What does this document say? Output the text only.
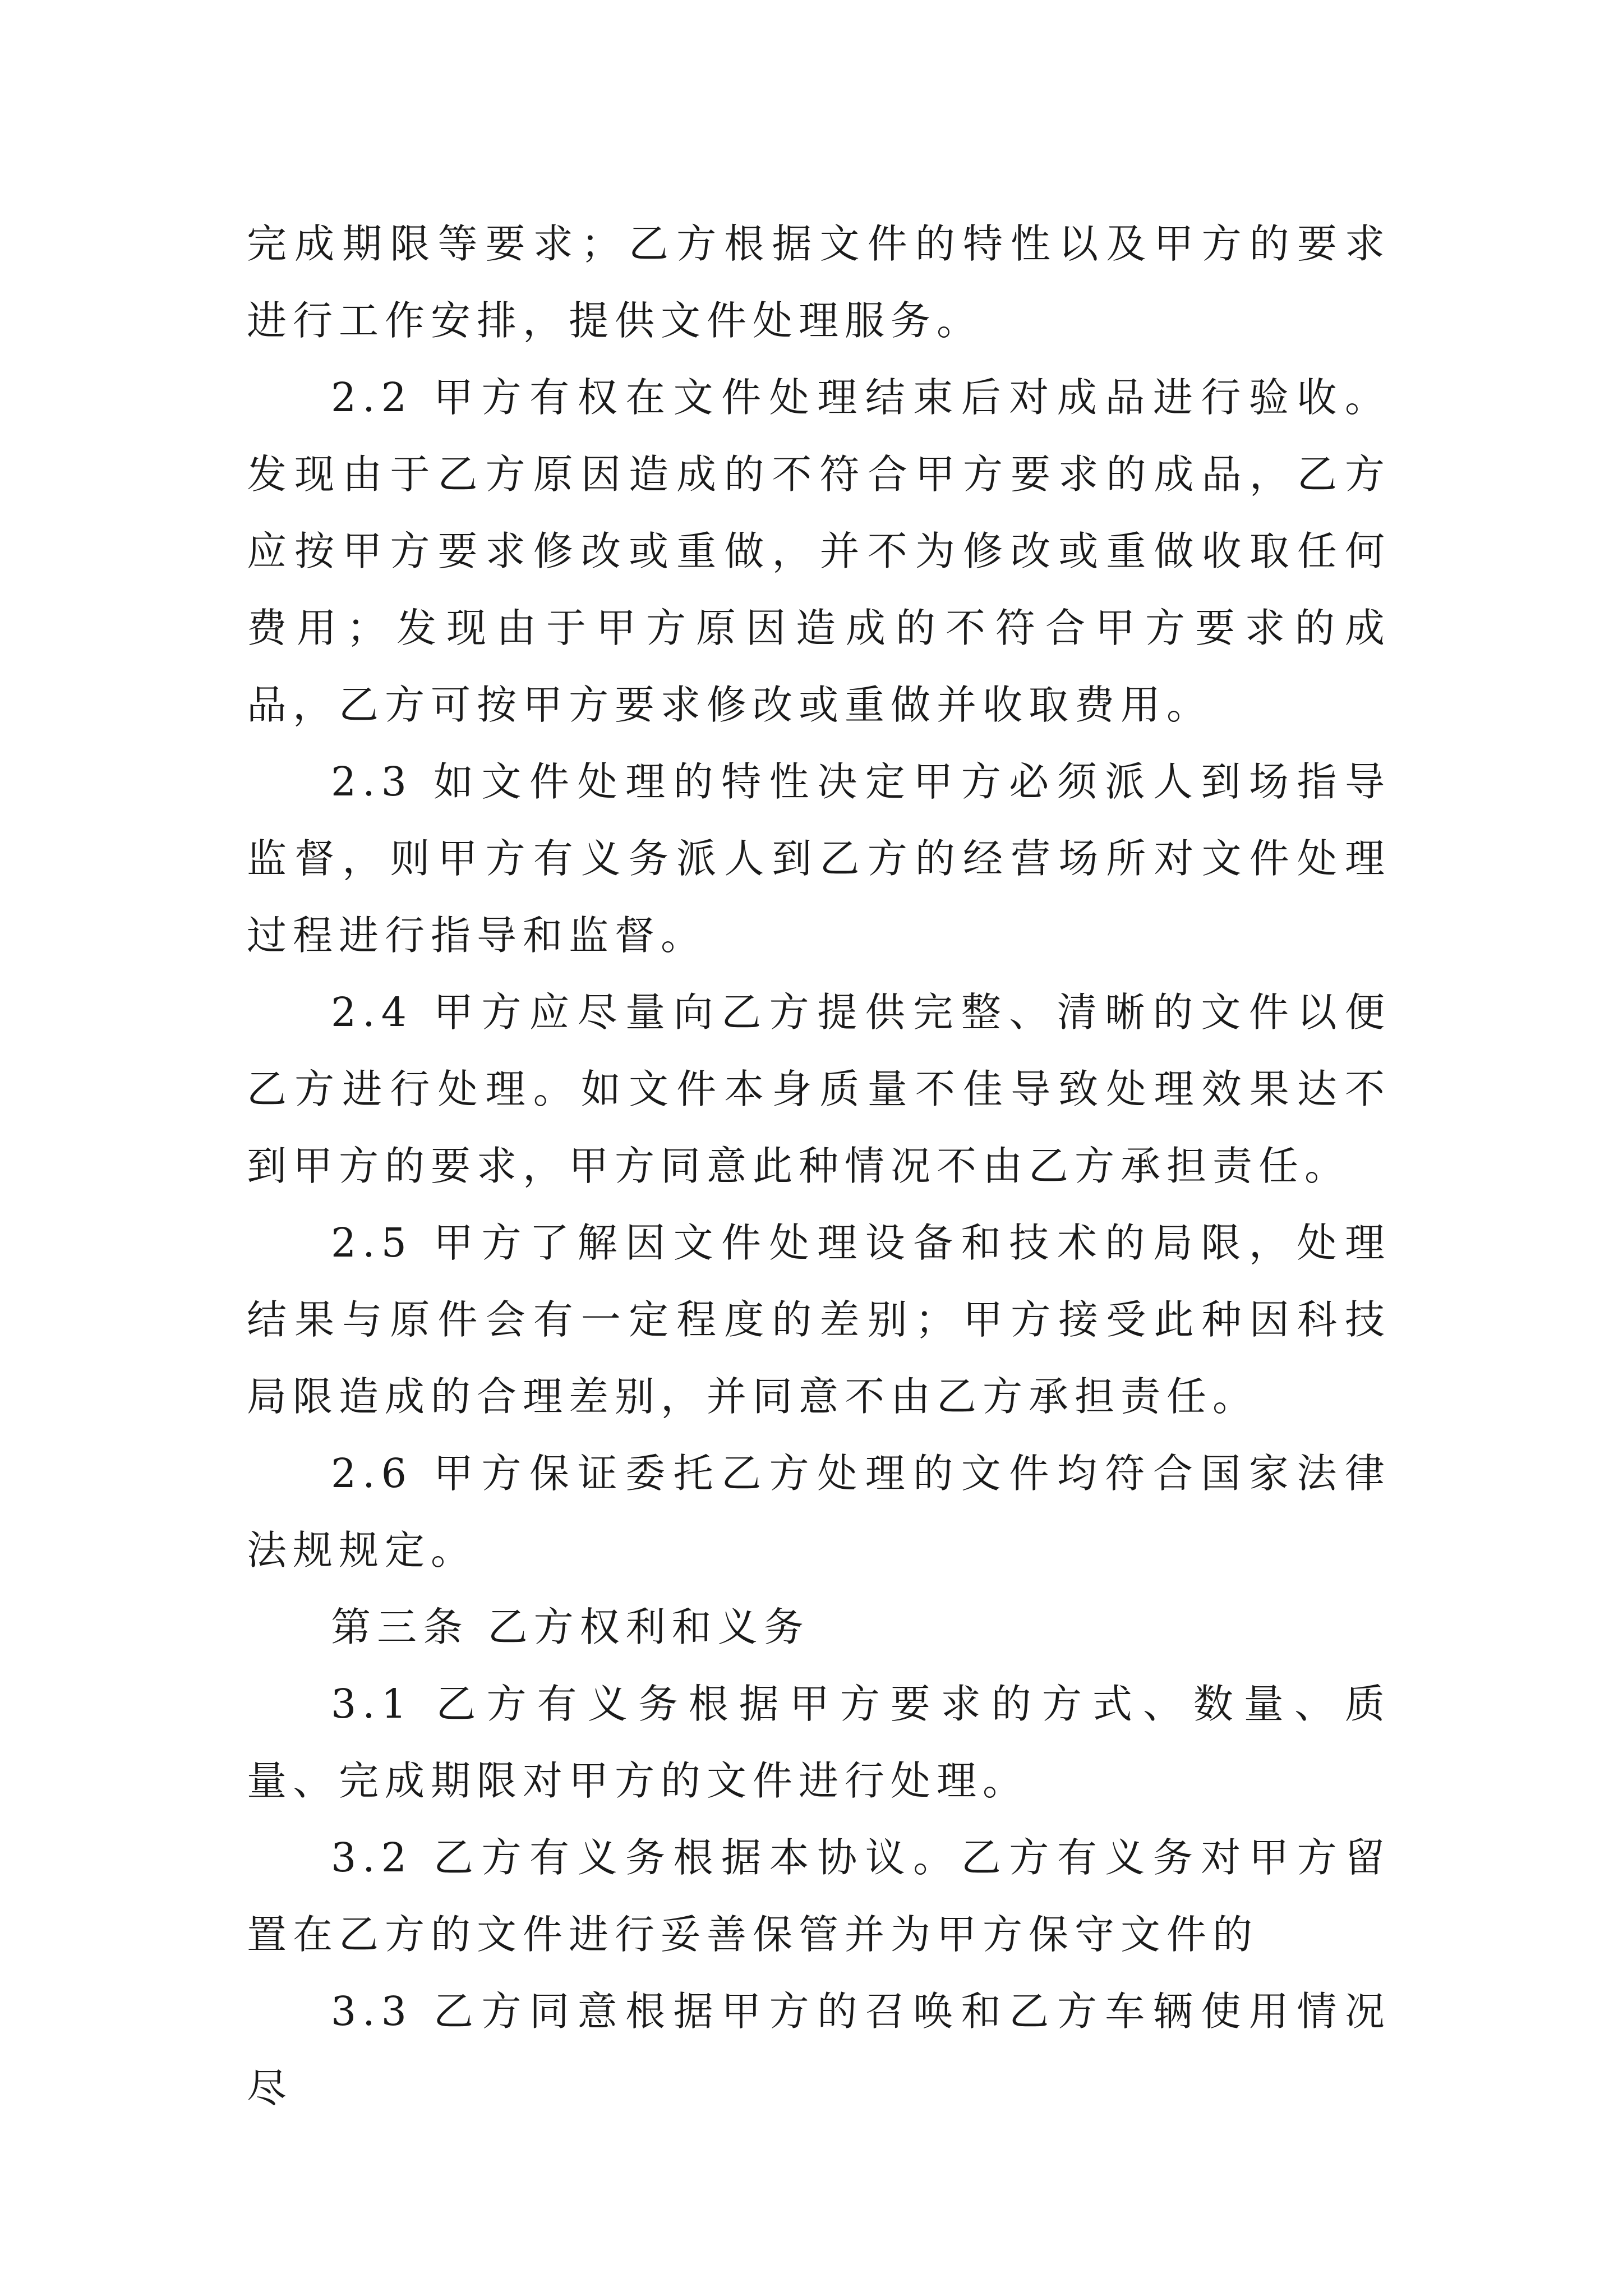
完成期限等要求；乙方根据文件的特性以及甲方的要求进行工作安排，提供文件处理服务。

2.2 甲方有权在文件处理结束后对成品进行验收。发现由于乙方原因造成的不符合甲方要求的成品，乙方应按甲方要求修改或重做，并不为修改或重做收取任何费用；发现由于甲方原因造成的不符合甲方要求的成品，乙方可按甲方要求修改或重做并收取费用。

2.3 如文件处理的特性决定甲方必须派人到场指导监督，则甲方有义务派人到乙方的经营场所对文件处理过程进行指导和监督。

2.4 甲方应尽量向乙方提供完整、清晰的文件以便乙方进行处理。如文件本身质量不佳导致处理效果达不到甲方的要求，甲方同意此种情况不由乙方承担责任。

2.5 甲方了解因文件处理设备和技术的局限，处理结果与原件会有一定程度的差别；甲方接受此种因科技局限造成的合理差别，并同意不由乙方承担责任。

2.6 甲方保证委托乙方处理的文件均符合国家法律法规规定。

第三条 乙方权利和义务

3.1 乙方有义务根据甲方要求的方式、数量、质量、完成期限对甲方的文件进行处理。

3.2 乙方有义务根据本协议。乙方有义务对甲方留置在乙方的文件进行妥善保管并为甲方保守文件的

3.3 乙方同意根据甲方的召唤和乙方车辆使用情况尽
